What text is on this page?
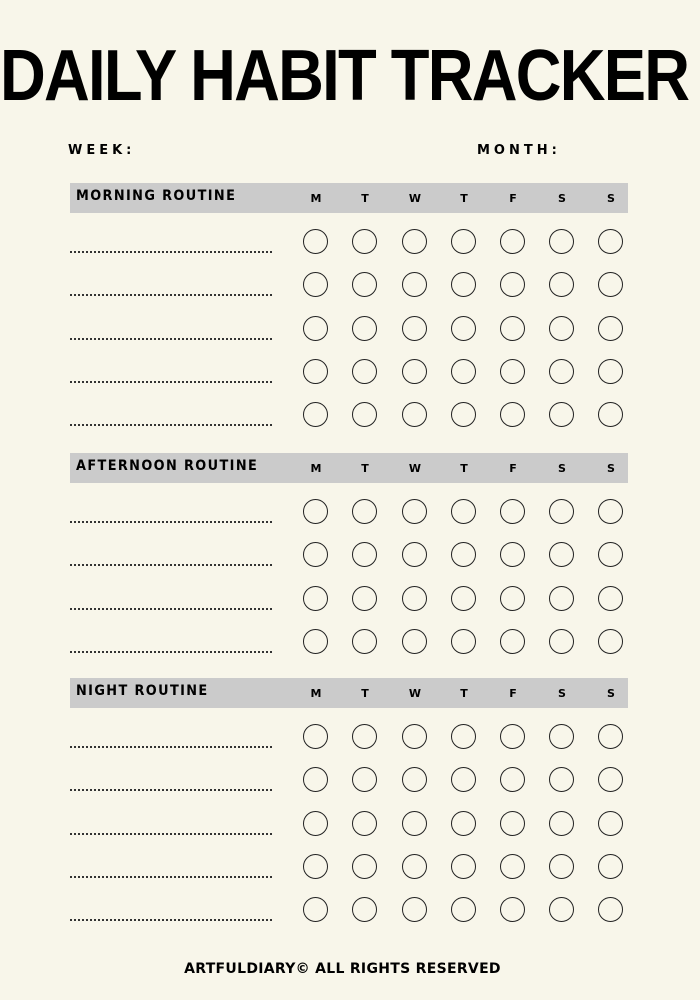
DAILY HABIT TRACKER
WEEK:	MONTH:
MORNING ROUTINE	M	T	W	T	F	S	S
AFTERNOON ROUTINE	M	T	W	T	F	S	S
NIGHT ROUTINE	M	T	W	T	F	S	S
ARTFULDIARY© ALL RIGHTS RESERVED
